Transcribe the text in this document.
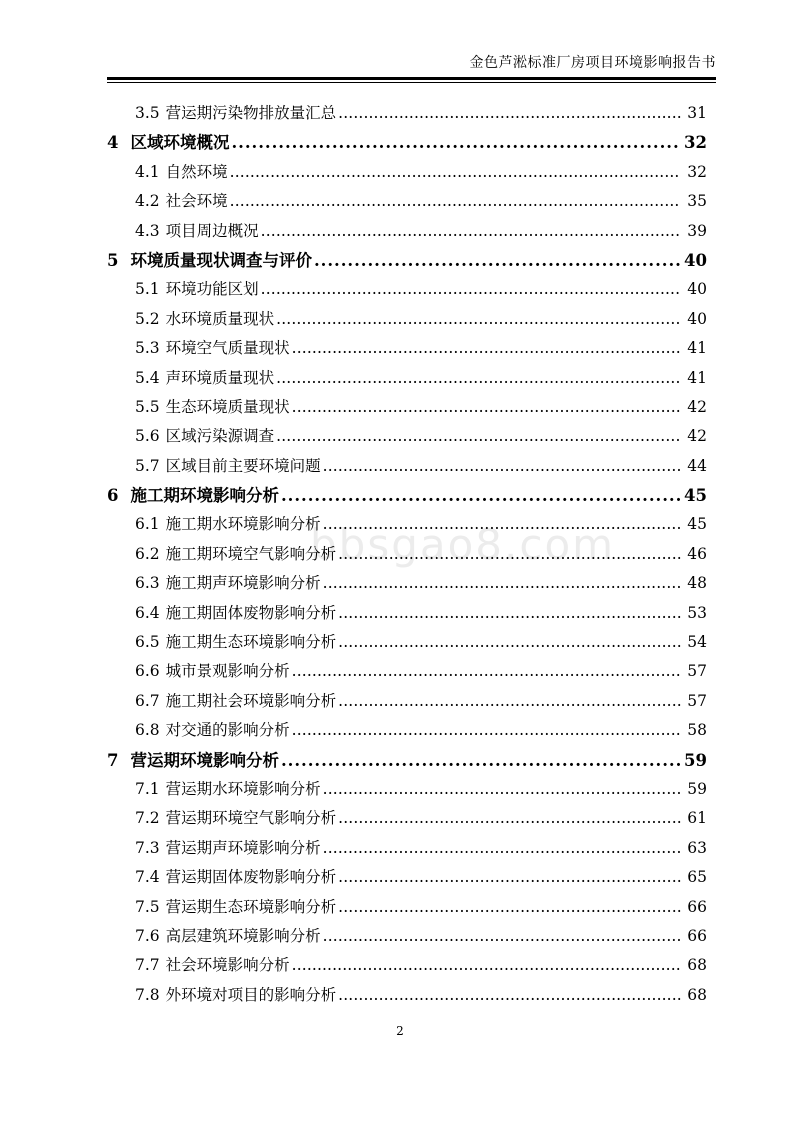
金色芦淞标准厂房项目环境影响报告书
bbsgao8.com
3.5 营运期污染物排放量汇总 . . .	31
4 区域环境概况 . . .	32
4.1 自然环境 . . .	32
4.2 社会环境 . . .	35
4.3 项目周边概况 . . .	39
5 环境质量现状调查与评价 . . .	40
5.1 环境功能区划 . . .	40
5.2 水环境质量现状 . . .	40
5.3 环境空气质量现状 . . .	41
5.4 声环境质量现状 . . .	41
5.5 生态环境质量现状 . . .	42
5.6 区域污染源调查 . . .	42
5.7 区域目前主要环境问题 . . .	44
6 施工期环境影响分析 . . .	45
6.1 施工期水环境影响分析 . . .	45
6.2 施工期环境空气影响分析 . . .	46
6.3 施工期声环境影响分析 . . .	48
6.4 施工期固体废物影响分析 . . .	53
6.5 施工期生态环境影响分析 . . .	54
6.6 城市景观影响分析 . . .	57
6.7 施工期社会环境影响分析 . . .	57
6.8 对交通的影响分析 . . .	58
7 营运期环境影响分析 . . .	59
7.1 营运期水环境影响分析 . . .	59
7.2 营运期环境空气影响分析 . . .	61
7.3 营运期声环境影响分析 . . .	63
7.4 营运期固体废物影响分析 . . .	65
7.5 营运期生态环境影响分析 . . .	66
7.6 高层建筑环境影响分析 . . .	66
7.7 社会环境影响分析 . . .	68
7.8 外环境对项目的影响分析 . . .	68
2
